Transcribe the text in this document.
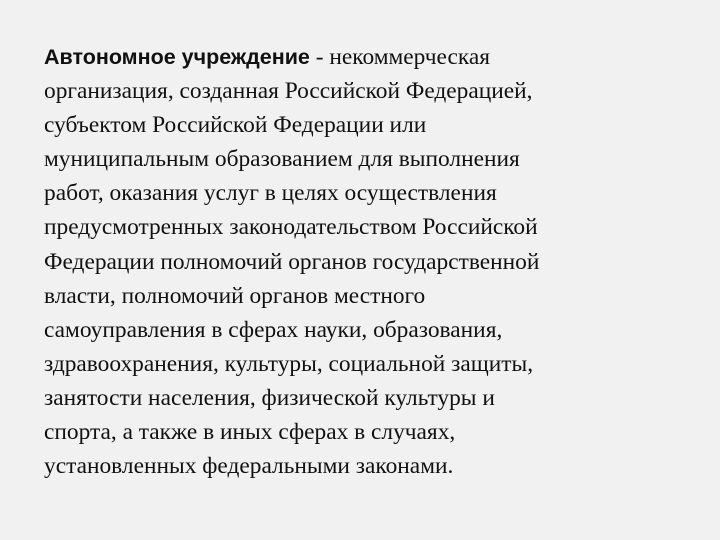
Автономное учреждение - некоммерческая
организация, созданная Российской Федерацией,
субъектом Российской Федерации или
муниципальным образованием для выполнения
работ, оказания услуг в целях осуществления
предусмотренных законодательством Российской
Федерации полномочий органов государственной
власти, полномочий органов местного
самоуправления в сферах науки, образования,
здравоохранения, культуры, социальной защиты,
занятости населения, физической культуры и
спорта, а также в иных сферах в случаях,
установленных федеральными законами.
